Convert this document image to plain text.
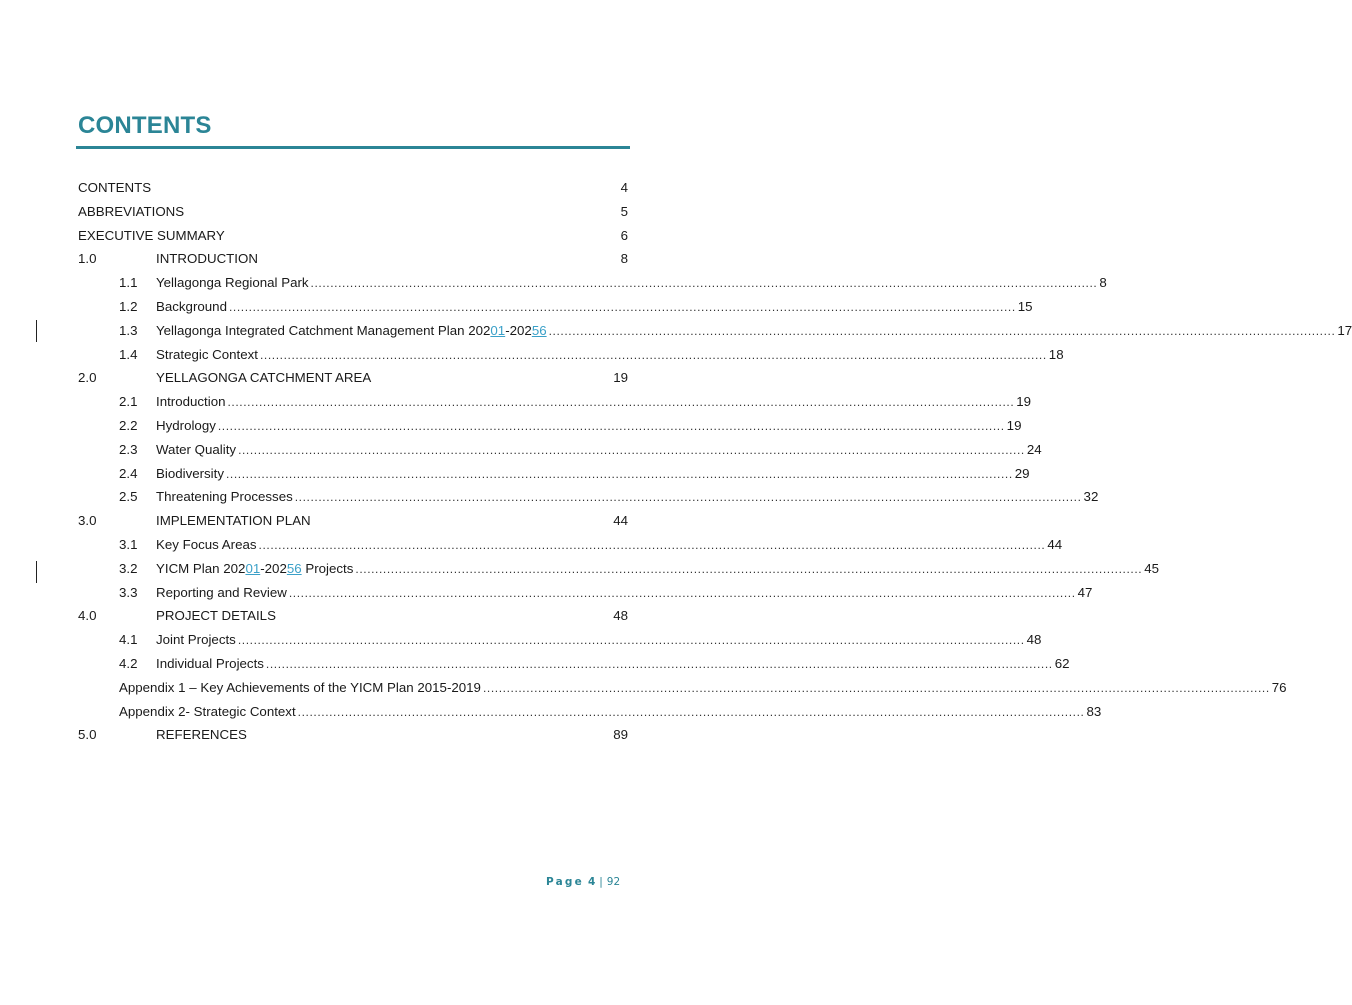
CONTENTS
CONTENTS	4
ABBREVIATIONS	5
EXECUTIVE SUMMARY	6
1.0	INTRODUCTION	8
1.1	Yellagonga Regional Park ........................................................................................................................................................................................................ 8
1.2	Background ........................................................................................................................................................................................................ 15
1.3	Yellagonga Integrated Catchment Management Plan 20201-20256 ........................................................................................................................................................................................................ 17
1.4	Strategic Context ........................................................................................................................................................................................................ 18
2.0	YELLAGONGA CATCHMENT AREA	19
2.1	Introduction ........................................................................................................................................................................................................ 19
2.2	Hydrology ........................................................................................................................................................................................................ 19
2.3	Water Quality ........................................................................................................................................................................................................ 24
2.4	Biodiversity ........................................................................................................................................................................................................ 29
2.5	Threatening Processes ........................................................................................................................................................................................................ 32
3.0	IMPLEMENTATION PLAN	44
3.1	Key Focus Areas ........................................................................................................................................................................................................ 44
3.2	YICM Plan 20201-20256 Projects ........................................................................................................................................................................................................ 45
3.3	Reporting and Review ........................................................................................................................................................................................................ 47
4.0	PROJECT DETAILS	48
4.1	Joint Projects ........................................................................................................................................................................................................ 48
4.2	Individual Projects ........................................................................................................................................................................................................ 62
Appendix 1 – Key Achievements of the YICM Plan 2015-2019 ........................................................................................................................................................................................................ 76
Appendix 2- Strategic Context ........................................................................................................................................................................................................ 83
5.0	REFERENCES	89
Page 4 | 92
